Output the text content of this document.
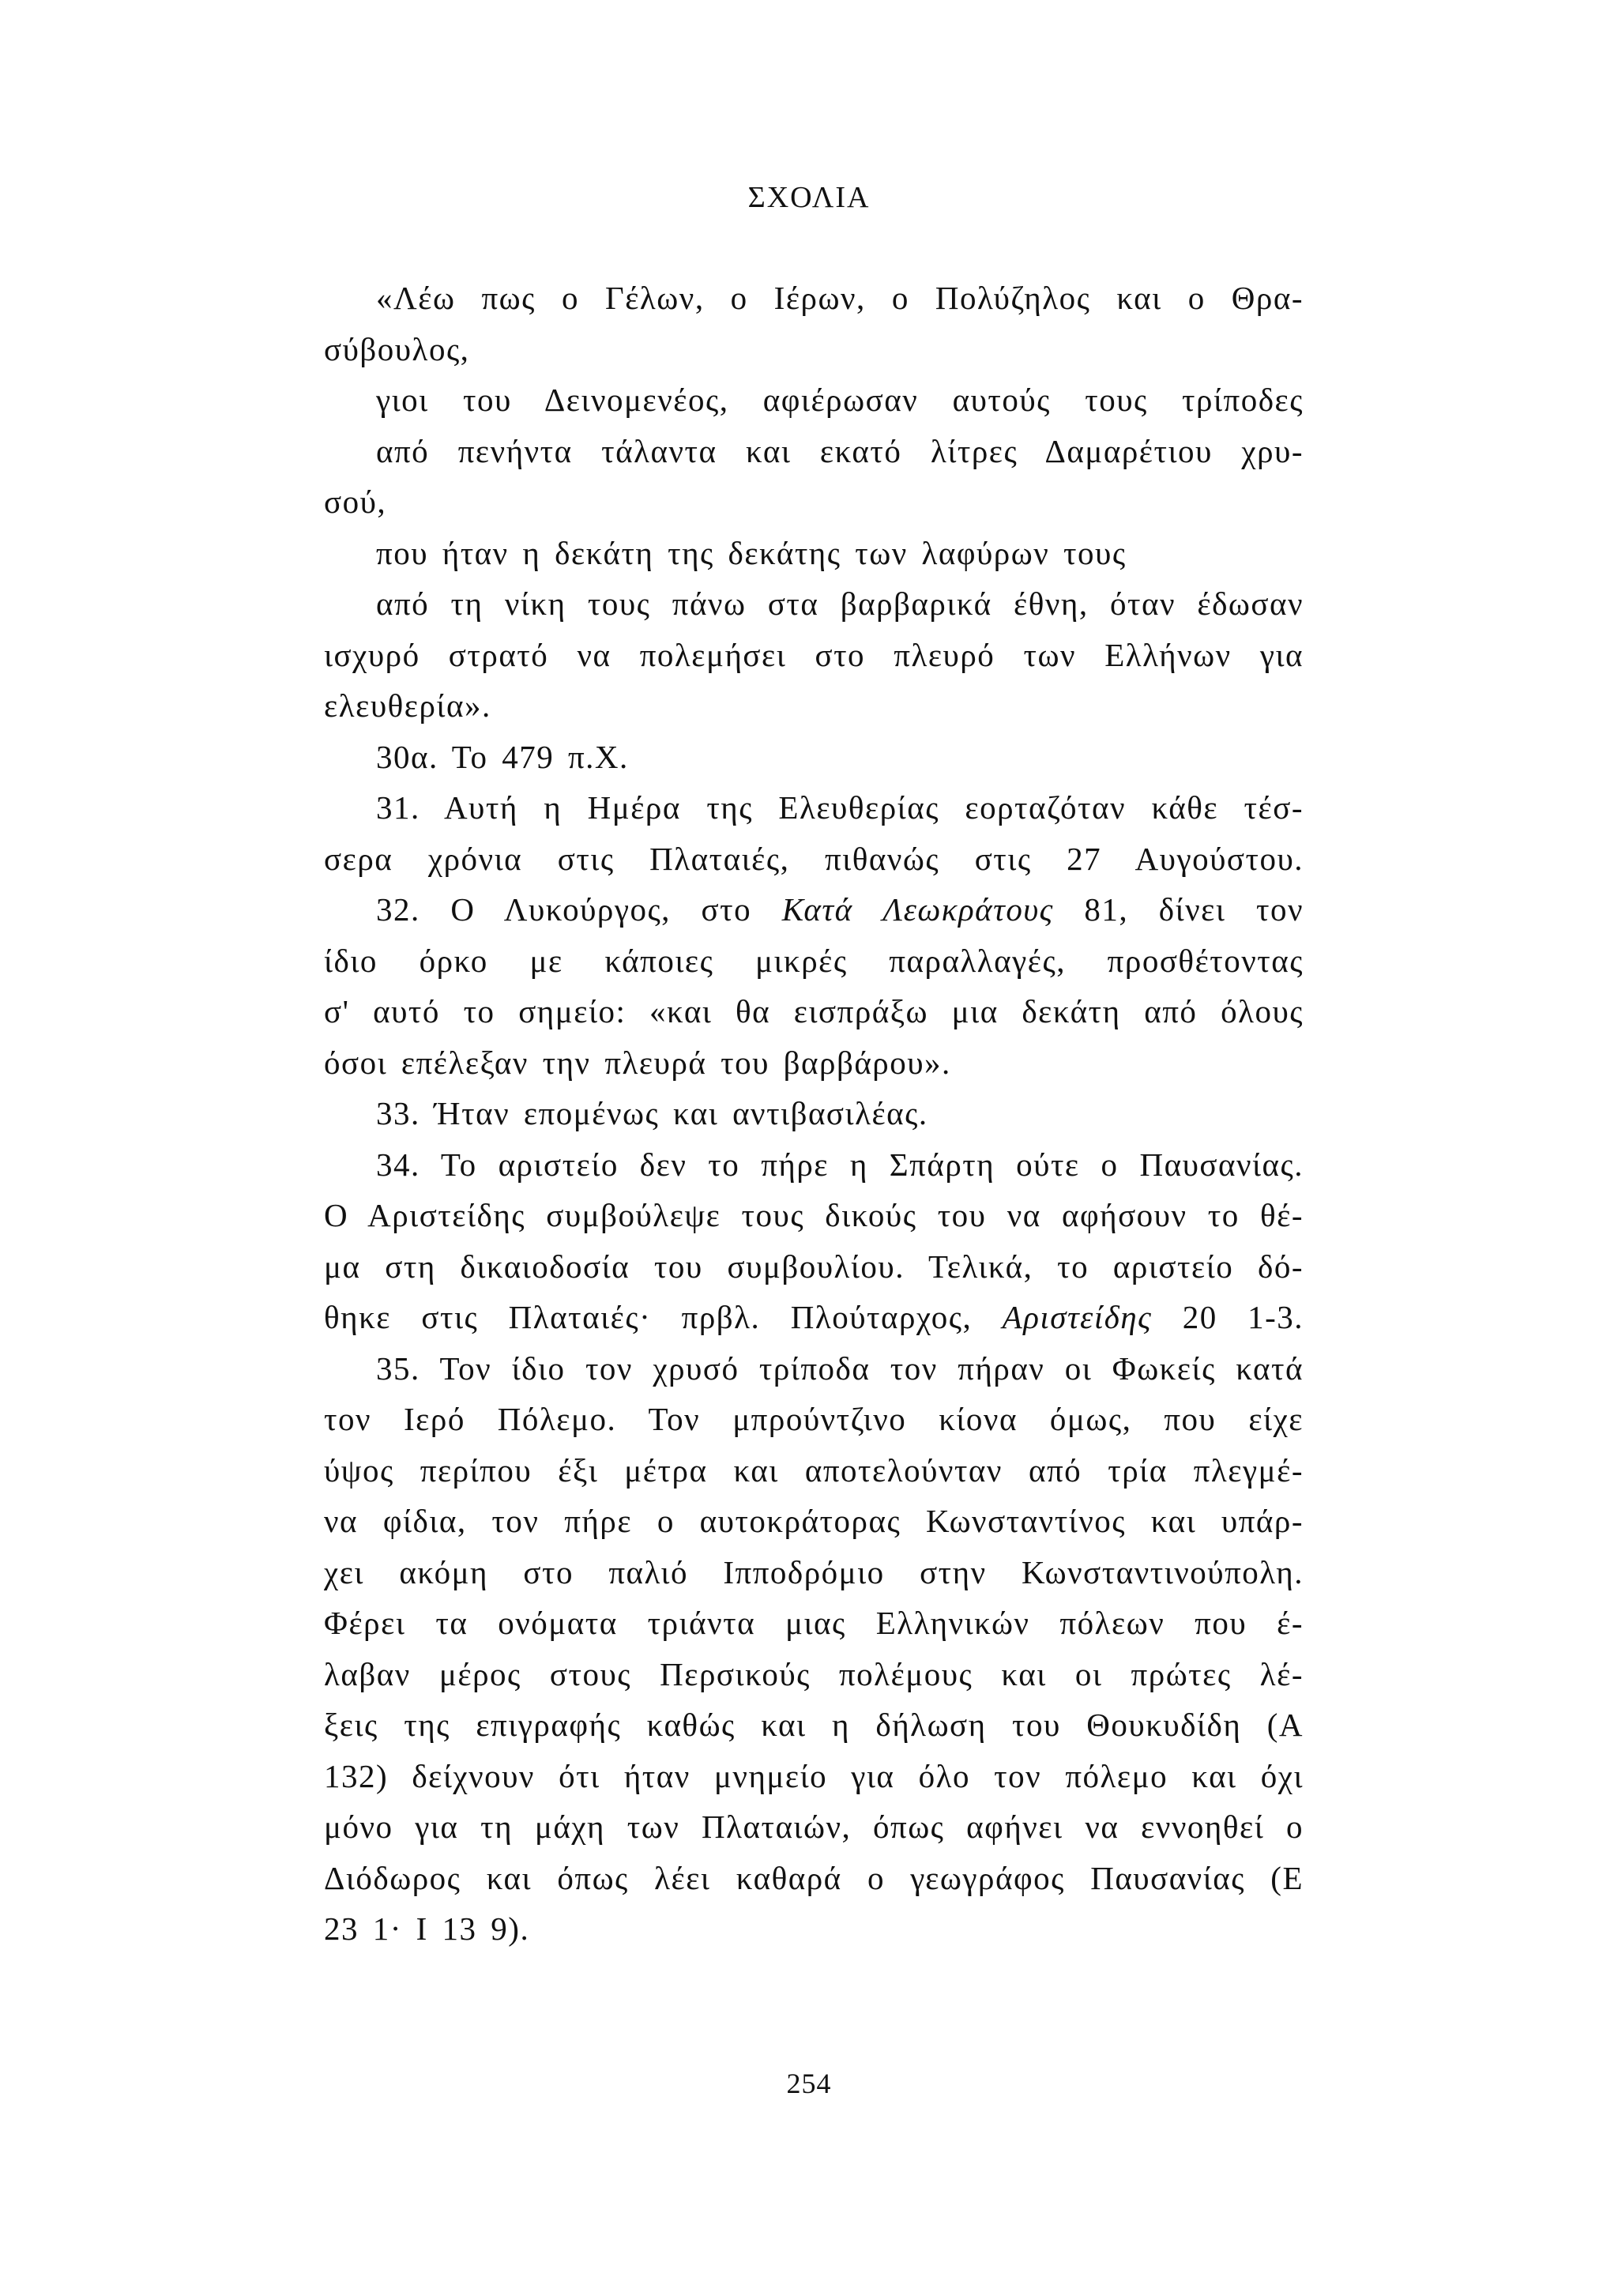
ΣΧΟΛΙΑ
«Λέω πως ο Γέλων, ο Ιέρων, ο Πολύζηλος και ο Θρα-
σύβουλος,
γιοι του Δεινομενέος, αφιέρωσαν αυτούς τους τρίποδες
από πενήντα τάλαντα και εκατό λίτρες Δαμαρέτιου χρυ-
σού,
που ήταν η δεκάτη της δεκάτης των λαφύρων τους
από τη νίκη τους πάνω στα βαρβαρικά έθνη, όταν έδωσαν
ισχυρό στρατό να πολεμήσει στο πλευρό των Ελλήνων για
ελευθερία».
30α. Το 479 π.Χ.
31. Αυτή η Ημέρα της Ελευθερίας εορταζόταν κάθε τέσ-
σερα χρόνια στις Πλαταιές, πιθανώς στις 27 Αυγούστου.
32. Ο Λυκούργος, στο Κατά Λεωκράτους 81, δίνει τον
ίδιο όρκο με κάποιες μικρές παραλλαγές, προσθέτοντας
σ' αυτό το σημείο: «και θα εισπράξω μια δεκάτη από όλους
όσοι επέλεξαν την πλευρά του βαρβάρου».
33. Ήταν επομένως και αντιβασιλέας.
34. Το αριστείο δεν το πήρε η Σπάρτη ούτε ο Παυσανίας.
Ο Αριστείδης συμβούλεψε τους δικούς του να αφήσουν το θέ-
μα στη δικαιοδοσία του συμβουλίου. Τελικά, το αριστείο δό-
θηκε στις Πλαταιές· πρβλ. Πλούταρχος, Αριστείδης 20 1-3.
35. Τον ίδιο τον χρυσό τρίποδα τον πήραν οι Φωκείς κατά
τον Ιερό Πόλεμο. Τον μπρούντζινο κίονα όμως, που είχε
ύψος περίπου έξι μέτρα και αποτελούνταν από τρία πλεγμέ-
να φίδια, τον πήρε ο αυτοκράτορας Κωνσταντίνος και υπάρ-
χει ακόμη στο παλιό Ιπποδρόμιο στην Κωνσταντινούπολη.
Φέρει τα ονόματα τριάντα μιας Ελληνικών πόλεων που έ-
λαβαν μέρος στους Περσικούς πολέμους και οι πρώτες λέ-
ξεις της επιγραφής καθώς και η δήλωση του Θουκυδίδη (Α
132) δείχνουν ότι ήταν μνημείο για όλο τον πόλεμο και όχι
μόνο για τη μάχη των Πλαταιών, όπως αφήνει να εννοηθεί ο
Διόδωρος και όπως λέει καθαρά ο γεωγράφος Παυσανίας (Ε
23 1· Ι 13 9).
254
